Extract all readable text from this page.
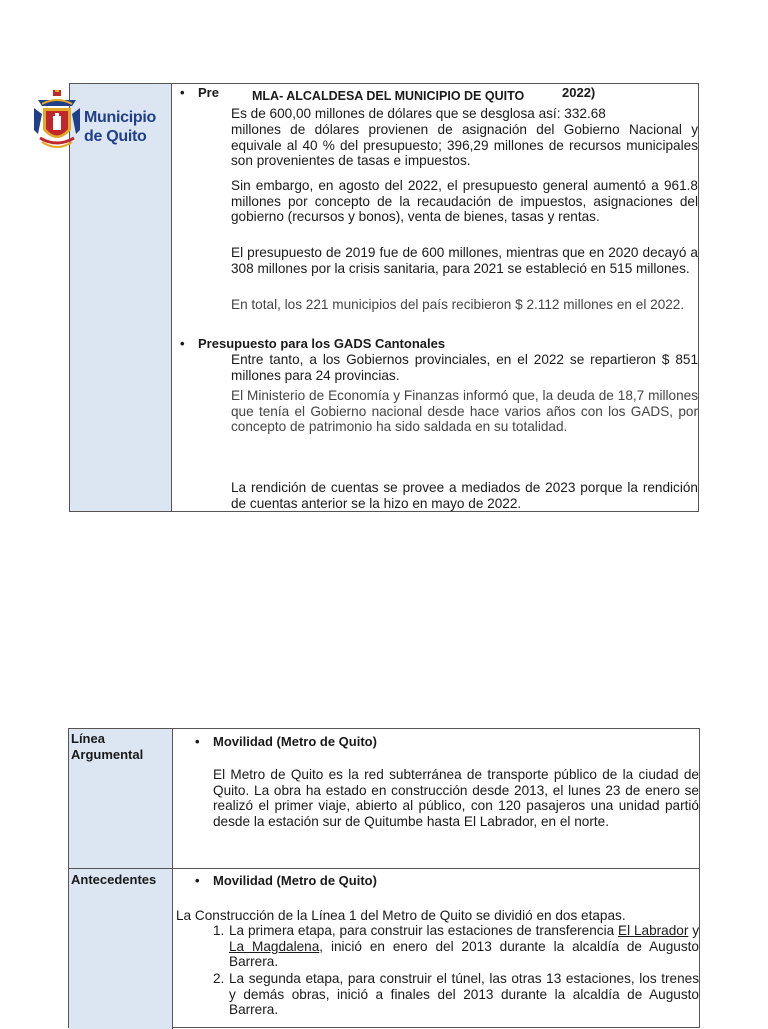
Es de 600,00 millones de dólares que se desglosa así: 332.68
• Pre	2022)
millones de dólares provienen de asignación del Gobierno Nacional y equivale al 40 % del presupuesto; 396,29 millones de recursos municipales son provenientes de tasas e impuestos.
Sin embargo, en agosto del 2022, el presupuesto general aumentó a 961.8 millones por concepto de la recaudación de impuestos, asignaciones del gobierno (recursos y bonos), venta de bienes, tasas y rentas.
El presupuesto de 2019 fue de 600 millones, mientras que en 2020 decayó a 308 millones por la crisis sanitaria, para 2021 se estableció en 515 millones.
En total, los 221 municipios del país recibieron $ 2.112 millones en el 2022.
• Presupuesto para los GADS Cantonales
Entre tanto, a los Gobiernos provinciales, en el 2022 se repartieron $ 851 millones para 24 provincias.
El Ministerio de Economía y Finanzas informó que, la deuda de 18,7 millones que tenía el Gobierno nacional desde hace varios años con los GADS, por concepto de patrimonio ha sido saldada en su totalidad.
La rendición de cuentas se provee a mediados de 2023 porque la rendición de cuentas anterior se la hizo en mayo de 2022.
MLA- ALCALDESA DEL MUNICIPIO DE QUITO
Municipio
de Quito
Línea
Argumental
Antecedentes
• Movilidad (Metro de Quito)
El Metro de Quito es la red subterránea de transporte público de la ciudad de Quito. La obra ha estado en construcción desde 2013, el lunes 23 de enero se realizó el primer viaje, abierto al público, con 120 pasajeros una unidad partió desde la estación sur de Quitumbe hasta El Labrador, en el norte.
• Movilidad (Metro de Quito)
La Construcción de la Línea 1 del Metro de Quito se dividió en dos etapas.
1. La primera etapa, para construir las estaciones de transferencia El Labrador y La Magdalena, inició en enero del 2013 durante la alcaldía de Augusto Barrera.
2. La segunda etapa, para construir el túnel, las otras 13 estaciones, los trenes y demás obras, inició a finales del 2013 durante la alcaldía de Augusto Barrera.
